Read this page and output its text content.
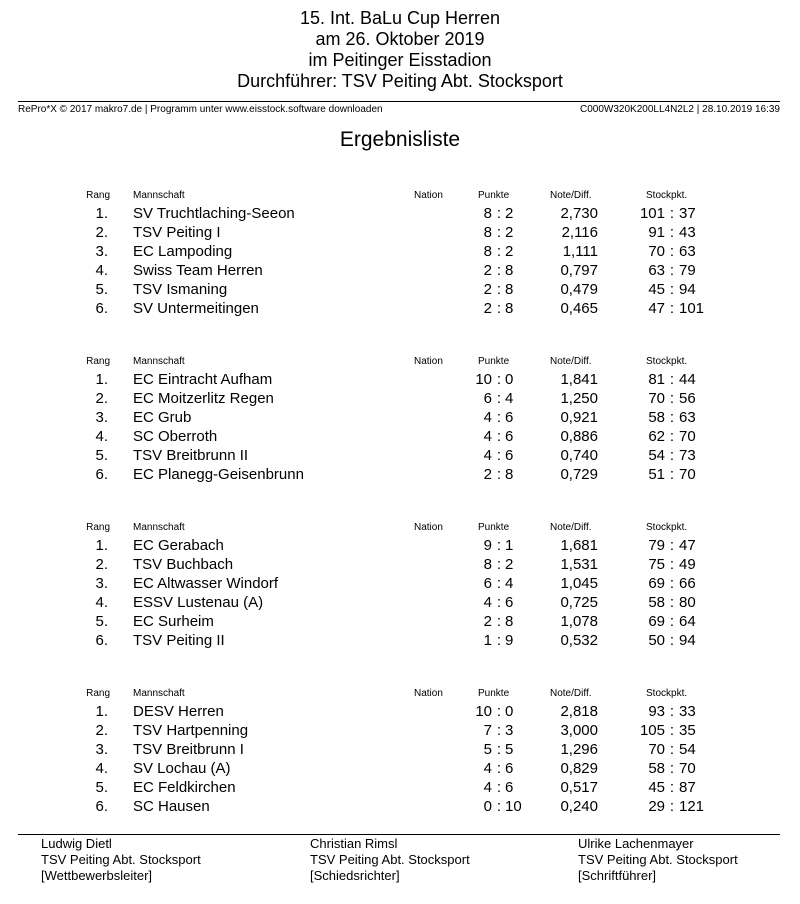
15. Int. BaLu Cup Herren
am 26. Oktober 2019
im Peitinger Eisstadion
Durchführer: TSV Peiting Abt. Stocksport
RePro*X © 2017 makro7.de | Programm unter www.eisstock.software downloaden	C000W320K200LL4N2L2 | 28.10.2019 16:39
Ergebnisliste
Rang Mannschaft	Nation	Punkte	Note/Diff.	Stockpkt.
1. SV Truchtlaching-Seeon	8 : 2	2,730	101 : 37
2. TSV Peiting I	8 : 2	2,116	91 : 43
3. EC Lampoding	8 : 2	1,111	70 : 63
4. Swiss Team Herren	2 : 8	0,797	63 : 79
5. TSV Ismaning	2 : 8	0,479	45 : 94
6. SV Untermeitingen	2 : 8	0,465	47 : 101
Rang Mannschaft	Nation	Punkte	Note/Diff.	Stockpkt.
1. EC Eintracht Aufham	10 : 0	1,841	81 : 44
2. EC Moitzerlitz Regen	6 : 4	1,250	70 : 56
3. EC Grub	4 : 6	0,921	58 : 63
4. SC Oberroth	4 : 6	0,886	62 : 70
5. TSV Breitbrunn II	4 : 6	0,740	54 : 73
6. EC Planegg-Geisenbrunn	2 : 8	0,729	51 : 70
Rang Mannschaft	Nation	Punkte	Note/Diff.	Stockpkt.
1. EC Gerabach	9 : 1	1,681	79 : 47
2. TSV Buchbach	8 : 2	1,531	75 : 49
3. EC Altwasser Windorf	6 : 4	1,045	69 : 66
4. ESSV Lustenau (A)	4 : 6	0,725	58 : 80
5. EC Surheim	2 : 8	1,078	69 : 64
6. TSV Peiting II	1 : 9	0,532	50 : 94
Rang Mannschaft	Nation	Punkte	Note/Diff.	Stockpkt.
1. DESV Herren	10 : 0	2,818	93 : 33
2. TSV Hartpenning	7 : 3	3,000	105 : 35
3. TSV Breitbrunn I	5 : 5	1,296	70 : 54
4. SV Lochau (A)	4 : 6	0,829	58 : 70
5. EC Feldkirchen	4 : 6	0,517	45 : 87
6. SC Hausen	0 : 10	0,240	29 : 121
Ludwig Dietl
TSV Peiting Abt. Stocksport
[Wettbewerbsleiter]
Christian Rimsl
TSV Peiting Abt. Stocksport
[Schiedsrichter]
Ulrike Lachenmayer
TSV Peiting Abt. Stocksport
[Schriftführer]
